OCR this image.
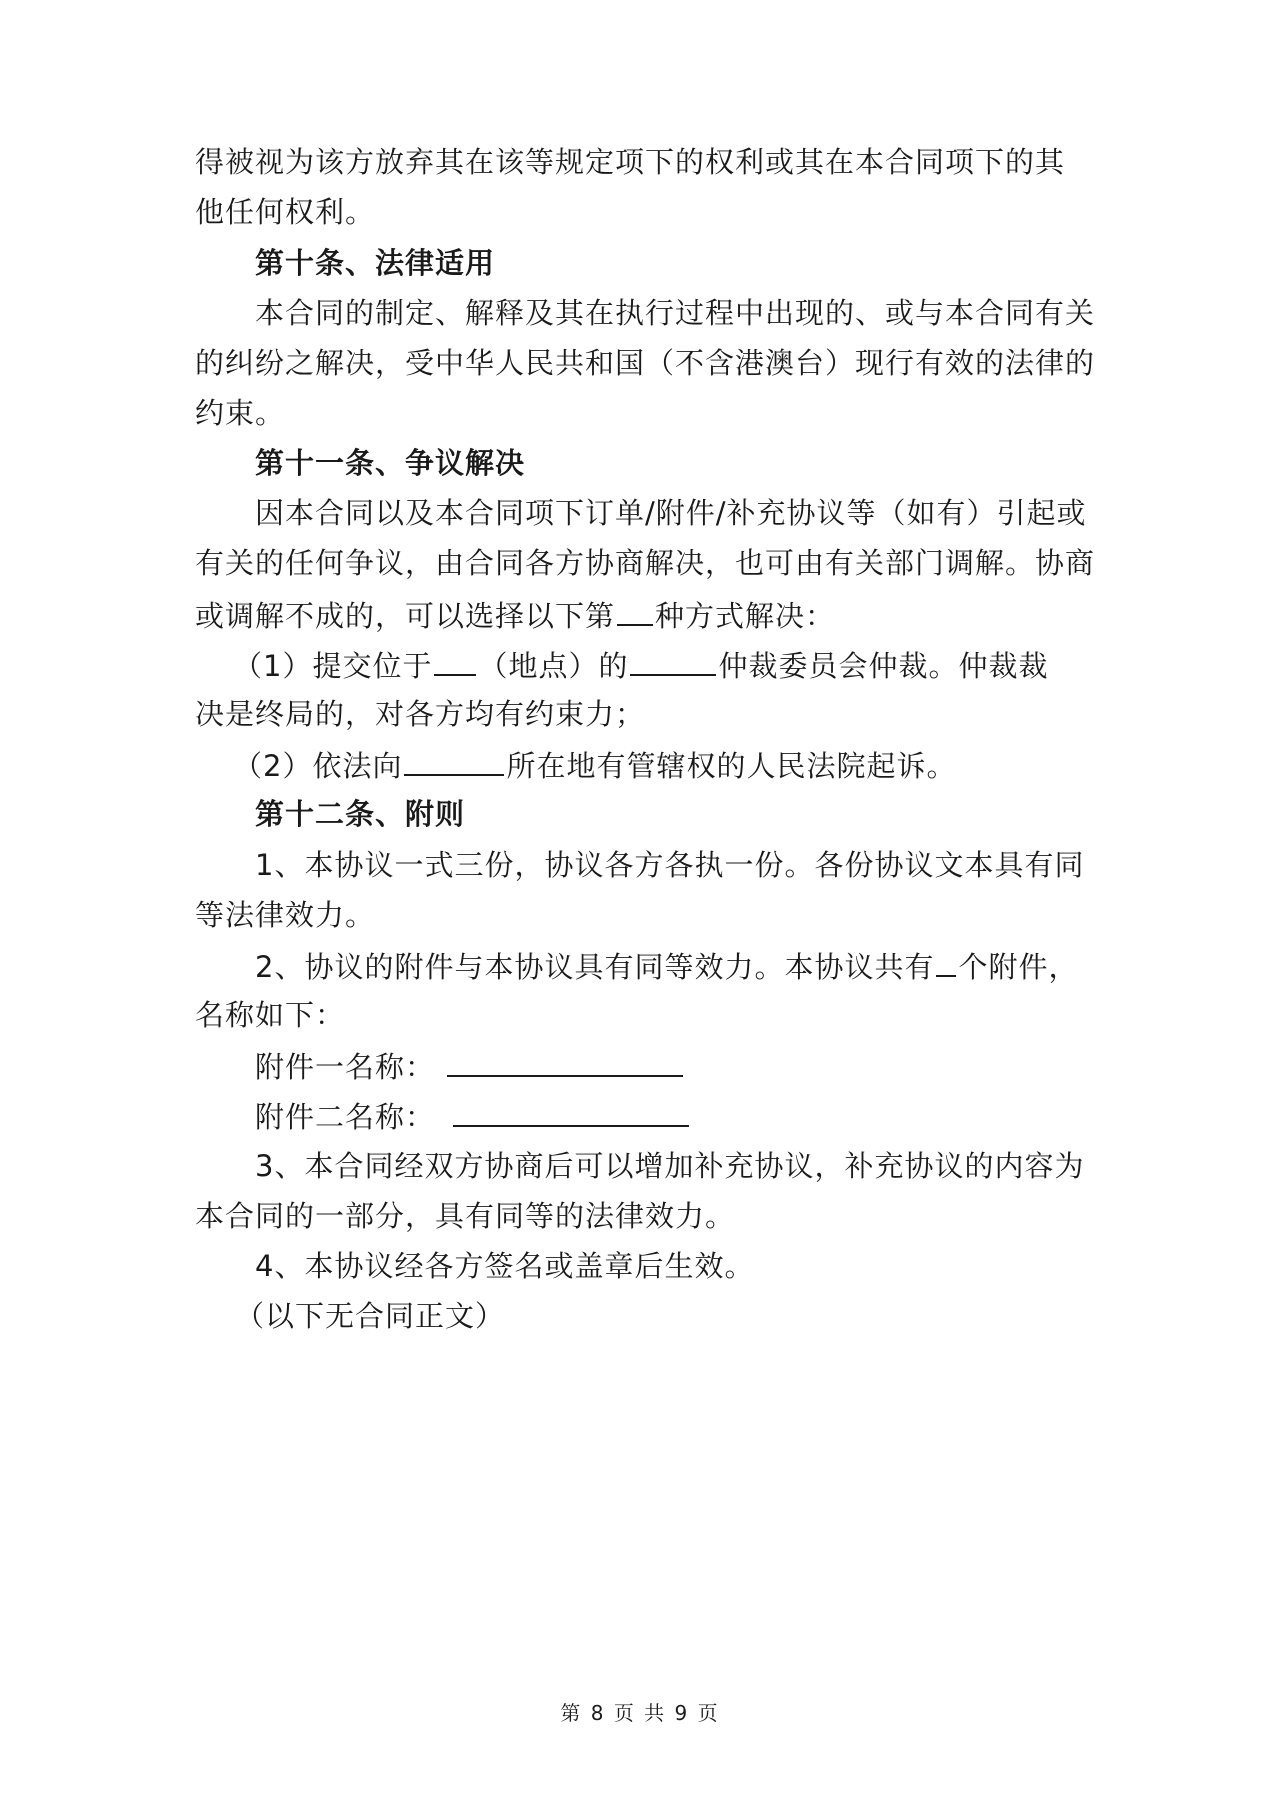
得被视为该方放弃其在该等规定项下的权利或其在本合同项下的其
他任何权利。
第十条、法律适用
本合同的制定、解释及其在执行过程中出现的、或与本合同有关
的纠纷之解决，受中华人民共和国（不含港澳台）现行有效的法律的
约束。
第十一条、争议解决
因本合同以及本合同项下订单/附件/补充协议等（如有）引起或
有关的任何争议，由合同各方协商解决，也可由有关部门调解。协商
或调解不成的，可以选择以下第 种方式解决：
（1）提交位于 （地点）的	仲裁委员会仲裁。仲裁裁
决是终局的，对各方均有约束力；
（2）依法向	所在地有管辖权的人民法院起诉。
第十二条、附则
1、本协议一式三份，协议各方各执一份。各份协议文本具有同
等法律效力。
2、协议的附件与本协议具有同等效力。本协议共有 个附件，
名称如下：
附件一名称：
附件二名称：
3、本合同经双方协商后可以增加补充协议，补充协议的内容为
本合同的一部分，具有同等的法律效力。
4、本协议经各方签名或盖章后生效。
（以下无合同正文）
第 8 页 共 9 页
